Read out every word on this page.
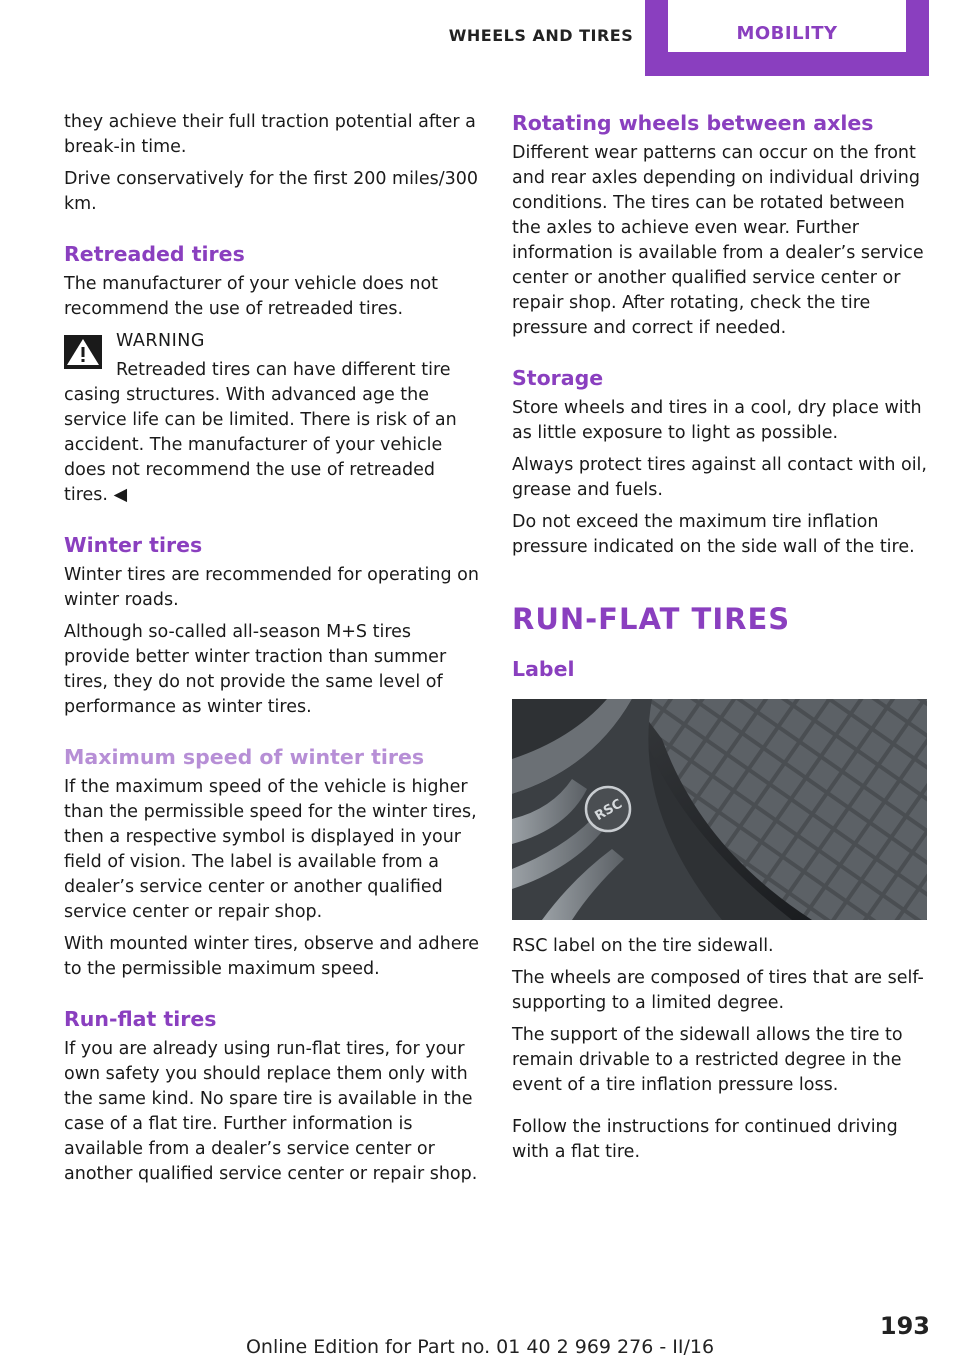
WHEELS AND TIRES	MOBILITY

they achieve their full traction potential after a break-in time.

Drive conservatively for the first 200 miles/300 km.

Retreaded tires

The manufacturer of your vehicle does not recommend the use of retreaded tires.

WARNING
Retreaded tires can have different tire casing structures. With advanced age the service life can be limited. There is risk of an accident. The manufacturer of your vehicle does not recommend the use of retreaded tires. ◀
Winter tires

Winter tires are recommended for operating on winter roads.

Although so-called all-season M+S tires provide better winter traction than summer tires, they do not provide the same level of performance as winter tires.

Maximum speed of winter tires

If the maximum speed of the vehicle is higher than the permissible speed for the winter tires, then a respective symbol is displayed in your field of vision. The label is available from a dealer’s service center or another qualified service center or repair shop.

With mounted winter tires, observe and adhere to the permissible maximum speed.

Run-flat tires

If you are already using run-flat tires, for your own safety you should replace them only with the same kind. No spare tire is available in the case of a flat tire. Further information is available from a dealer’s service center or another qualified service center or repair shop.

Rotating wheels between axles

Different wear patterns can occur on the front and rear axles depending on individual driving conditions. The tires can be rotated between the axles to achieve even wear. Further information is available from a dealer’s service center or another qualified service center or repair shop. After rotating, check the tire pressure and correct if needed.

Storage

Store wheels and tires in a cool, dry place with as little exposure to light as possible.

Always protect tires against all contact with oil, grease and fuels.

Do not exceed the maximum tire inflation pressure indicated on the side wall of the tire.

RUN-FLAT TIRES
Label
RSC

RSC label on the tire sidewall.

The wheels are composed of tires that are self-supporting to a limited degree.

The support of the sidewall allows the tire to remain drivable to a restricted degree in the event of a tire inflation pressure loss.

Follow the instructions for continued driving with a flat tire.

193
Online Edition for Part no. 01 40 2 969 276 - II/16
